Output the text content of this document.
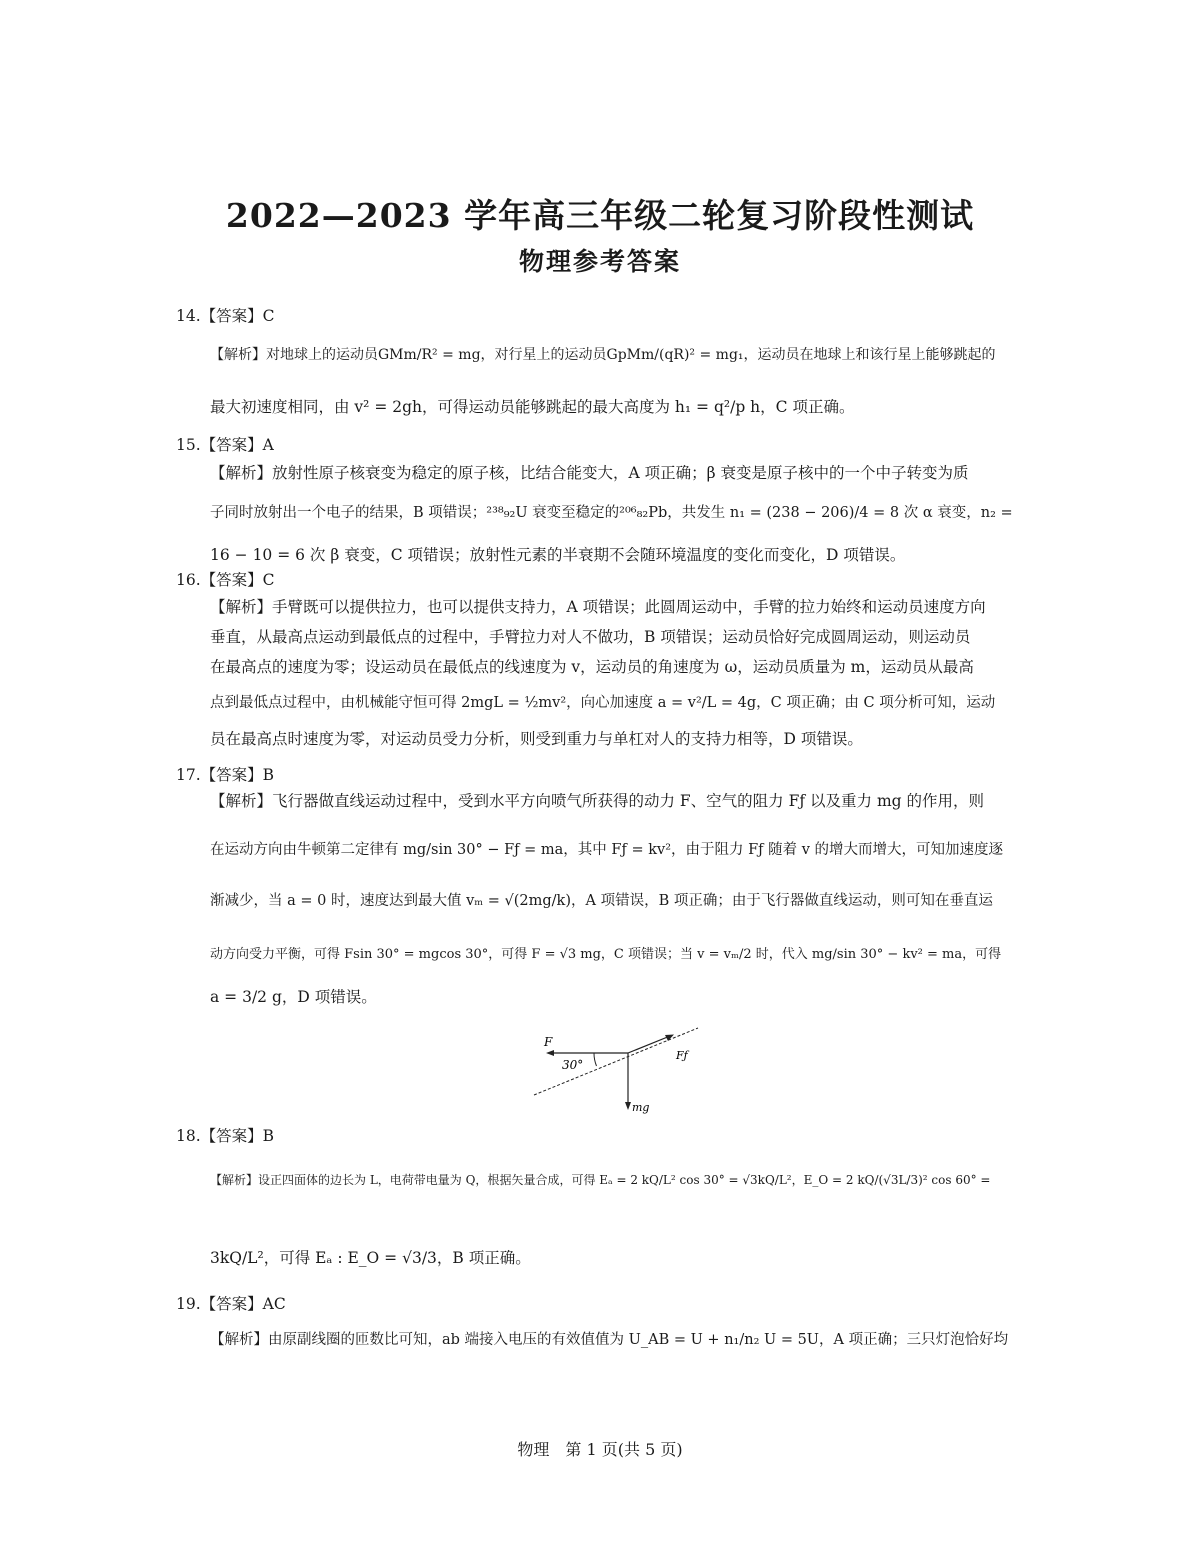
2022—2023 学年高三年级二轮复习阶段性测试
物理参考答案
14.【答案】C
【解析】对地球上的运动员GMm/R² = mg，对行星上的运动员GpMm/(qR)² = mg₁，运动员在地球上和该行星上能够跳起的
最大初速度相同，由 v² = 2gh，可得运动员能够跳起的最大高度为 h₁ = q²/p h，C 项正确。
15.【答案】A
【解析】放射性原子核衰变为稳定的原子核，比结合能变大，A 项正确；β 衰变是原子核中的一个中子转变为质
子同时放射出一个电子的结果，B 项错误；²³⁸₉₂U 衰变至稳定的²⁰⁶₈₂Pb，共发生 n₁ = (238 − 206)/4 = 8 次 α 衰变，n₂ =
16 − 10 = 6 次 β 衰变，C 项错误；放射性元素的半衰期不会随环境温度的变化而变化，D 项错误。
16.【答案】C
【解析】手臂既可以提供拉力，也可以提供支持力，A 项错误；此圆周运动中，手臂的拉力始终和运动员速度方向
垂直，从最高点运动到最低点的过程中，手臂拉力对人不做功，B 项错误；运动员恰好完成圆周运动，则运动员
在最高点的速度为零；设运动员在最低点的线速度为 v，运动员的角速度为 ω，运动员质量为 m，运动员从最高
点到最低点过程中，由机械能守恒可得 2mgL = ½mv²，向心加速度 a = v²/L = 4g，C 项正确；由 C 项分析可知，运动
员在最高点时速度为零，对运动员受力分析，则受到重力与单杠对人的支持力相等，D 项错误。
17.【答案】B
【解析】飞行器做直线运动过程中，受到水平方向喷气所获得的动力 F、空气的阻力 Fƒ 以及重力 mg 的作用，则
在运动方向由牛顿第二定律有 mg/sin 30° − Fƒ = ma，其中 Fƒ = kv²，由于阻力 Fƒ 随着 v 的增大而增大，可知加速度逐
渐减少，当 a = 0 时，速度达到最大值 vₘ = √(2mg/k)，A 项错误，B 项正确；由于飞行器做直线运动，则可知在垂直运
动方向受力平衡，可得 Fsin 30° = mgcos 30°，可得 F = √3 mg，C 项错误；当 v = vₘ/2 时，代入 mg/sin 30° − kv² = ma，可得
a = 3/2 g，D 项错误。
F
30°
Fƒ
mg
18.【答案】B
【解析】设正四面体的边长为 L，电荷带电量为 Q，根据矢量合成，可得 Eₐ = 2 kQ/L² cos 30° = √3kQ/L²，E_O = 2 kQ/(√3L/3)² cos 60° =
3kQ/L²，可得 Eₐ : E_O = √3/3，B 项正确。
19.【答案】AC
【解析】由原副线圈的匝数比可知，ab 端接入电压的有效值值为 U_AB = U + n₁/n₂ U = 5U，A 项正确；三只灯泡恰好均
物理　第 1 页(共 5 页)
